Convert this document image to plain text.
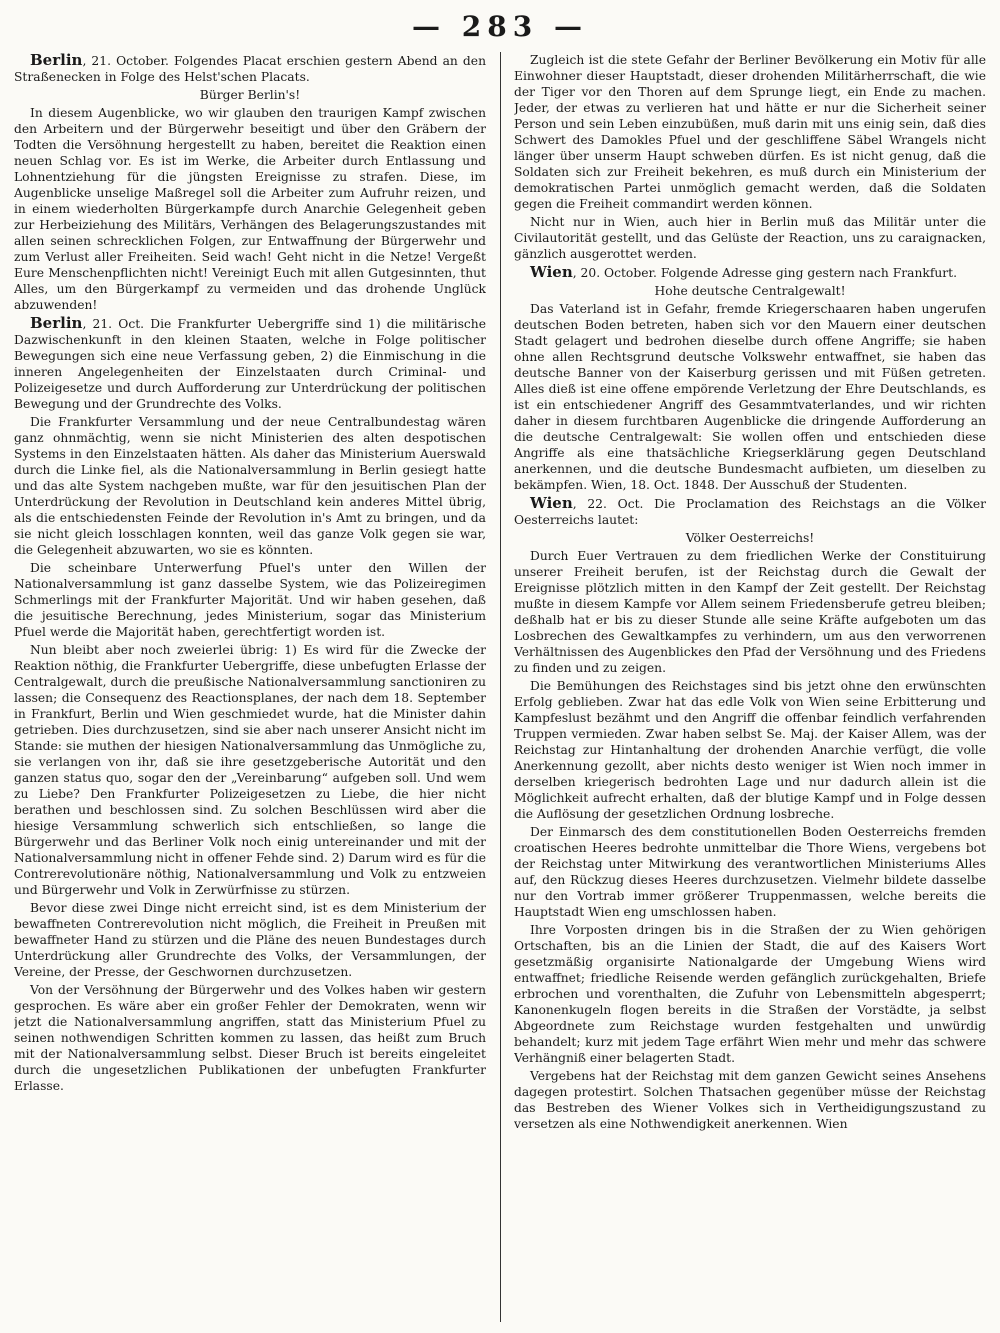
— 283 —

Berlin, 21. October. Folgendes Placat erschien gestern Abend an den Straßenecken in Folge des Helst'schen Placats.

Bürger Berlin's!

In diesem Augenblicke, wo wir glauben den traurigen Kampf zwischen den Arbeitern und der Bürgerwehr beseitigt und über den Gräbern der Todten die Versöhnung hergestellt zu haben, bereitet die Reaktion einen neuen Schlag vor. Es ist im Werke, die Arbeiter durch Entlassung und Lohnentziehung für die jüngsten Ereignisse zu strafen. Diese, im Augenblicke unselige Maßregel soll die Arbeiter zum Aufruhr reizen, und in einem wiederholten Bürgerkampfe durch Anarchie Gelegenheit geben zur Herbeiziehung des Militärs, Verhängen des Belagerungszustandes mit allen seinen schrecklichen Folgen, zur Entwaffnung der Bürgerwehr und zum Verlust aller Freiheiten. Seid wach! Geht nicht in die Netze! Vergeßt Eure Menschenpflichten nicht! Vereinigt Euch mit allen Gutgesinnten, thut Alles, um den Bürgerkampf zu vermeiden und das drohende Unglück abzuwenden!

Berlin, 21. Oct. Die Frankfurter Uebergriffe sind 1) die militärische Dazwischenkunft in den kleinen Staaten, welche in Folge politischer Bewegungen sich eine neue Verfassung geben, 2) die Einmischung in die inneren Angelegenheiten der Einzelstaaten durch Criminal- und Polizeigesetze und durch Aufforderung zur Unterdrückung der politischen Bewegung und der Grundrechte des Volks.

Die Frankfurter Versammlung und der neue Centralbundestag wären ganz ohnmächtig, wenn sie nicht Ministerien des alten despotischen Systems in den Einzelstaaten hätten. Als daher das Ministerium Auerswald durch die Linke fiel, als die Nationalversammlung in Berlin gesiegt hatte und das alte System nachgeben mußte, war für den jesuitischen Plan der Unterdrückung der Revolution in Deutschland kein anderes Mittel übrig, als die entschiedensten Feinde der Revolution in's Amt zu bringen, und da sie nicht gleich losschlagen konnten, weil das ganze Volk gegen sie war, die Gelegenheit abzuwarten, wo sie es könnten.

Die scheinbare Unterwerfung Pfuel's unter den Willen der Nationalversammlung ist ganz dasselbe System, wie das Polizeiregimen Schmerlings mit der Frankfurter Majorität. Und wir haben gesehen, daß die jesuitische Berechnung, jedes Ministerium, sogar das Ministerium Pfuel werde die Majorität haben, gerechtfertigt worden ist.

Nun bleibt aber noch zweierlei übrig: 1) Es wird für die Zwecke der Reaktion nöthig, die Frankfurter Uebergriffe, diese unbefugten Erlasse der Centralgewalt, durch die preußische Nationalversammlung sanctioniren zu lassen; die Consequenz des Reactionsplanes, der nach dem 18. September in Frankfurt, Berlin und Wien geschmiedet wurde, hat die Minister dahin getrieben. Dies durchzusetzen, sind sie aber nach unserer Ansicht nicht im Stande: sie muthen der hiesigen Nationalversammlung das Unmögliche zu, sie verlangen von ihr, daß sie ihre gesetzgeberische Autorität und den ganzen status quo, sogar den der „Vereinbarung“ aufgeben soll. Und wem zu Liebe? Den Frankfurter Polizeigesetzen zu Liebe, die hier nicht berathen und beschlossen sind. Zu solchen Beschlüssen wird aber die hiesige Versammlung schwerlich sich entschließen, so lange die Bürgerwehr und das Berliner Volk noch einig untereinander und mit der Nationalversammlung nicht in offener Fehde sind. 2) Darum wird es für die Contrerevolutionäre nöthig, Nationalversammlung und Volk zu entzweien und Bürgerwehr und Volk in Zerwürfnisse zu stürzen.

Bevor diese zwei Dinge nicht erreicht sind, ist es dem Ministerium der bewaffneten Contrerevolution nicht möglich, die Freiheit in Preußen mit bewaffneter Hand zu stürzen und die Pläne des neuen Bundestages durch Unterdrückung aller Grundrechte des Volks, der Versammlungen, der Vereine, der Presse, der Geschwornen durchzusetzen.

Von der Versöhnung der Bürgerwehr und des Volkes haben wir gestern gesprochen. Es wäre aber ein großer Fehler der Demokraten, wenn wir jetzt die Nationalversammlung angriffen, statt das Ministerium Pfuel zu seinen nothwendigen Schritten kommen zu lassen, das heißt zum Bruch mit der Nationalversammlung selbst. Dieser Bruch ist bereits eingeleitet durch die ungesetzlichen Publikationen der unbefugten Frankfurter Erlasse.

Zugleich ist die stete Gefahr der Berliner Bevölkerung ein Motiv für alle Einwohner dieser Hauptstadt, dieser drohenden Militärherrschaft, die wie der Tiger vor den Thoren auf dem Sprunge liegt, ein Ende zu machen. Jeder, der etwas zu verlieren hat und hätte er nur die Sicherheit seiner Person und sein Leben einzubüßen, muß darin mit uns einig sein, daß dies Schwert des Damokles Pfuel und der geschliffene Säbel Wrangels nicht länger über unserm Haupt schweben dürfen. Es ist nicht genug, daß die Soldaten sich zur Freiheit bekehren, es muß durch ein Ministerium der demokratischen Partei unmöglich gemacht werden, daß die Soldaten gegen die Freiheit commandirt werden können.

Nicht nur in Wien, auch hier in Berlin muß das Militär unter die Civilautorität gestellt, und das Gelüste der Reaction, uns zu caraignacken, gänzlich ausgerottet werden.

Wien, 20. October. Folgende Adresse ging gestern nach Frankfurt.

Hohe deutsche Centralgewalt!

Das Vaterland ist in Gefahr, fremde Kriegerschaaren haben ungerufen deutschen Boden betreten, haben sich vor den Mauern einer deutschen Stadt gelagert und bedrohen dieselbe durch offene Angriffe; sie haben ohne allen Rechtsgrund deutsche Volkswehr entwaffnet, sie haben das deutsche Banner von der Kaiserburg gerissen und mit Füßen getreten. Alles dieß ist eine offene empörende Verletzung der Ehre Deutschlands, es ist ein entschiedener Angriff des Gesammtvaterlandes, und wir richten daher in diesem furchtbaren Augenblicke die dringende Aufforderung an die deutsche Centralgewalt: Sie wollen offen und entschieden diese Angriffe als eine thatsächliche Kriegserklärung gegen Deutschland anerkennen, und die deutsche Bundesmacht aufbieten, um dieselben zu bekämpfen. Wien, 18. Oct. 1848. Der Ausschuß der Studenten.

Wien, 22. Oct. Die Proclamation des Reichstags an die Völker Oesterreichs lautet:

Völker Oesterreichs!

Durch Euer Vertrauen zu dem friedlichen Werke der Constituirung unserer Freiheit berufen, ist der Reichstag durch die Gewalt der Ereignisse plötzlich mitten in den Kampf der Zeit gestellt. Der Reichstag mußte in diesem Kampfe vor Allem seinem Friedensberufe getreu bleiben; deßhalb hat er bis zu dieser Stunde alle seine Kräfte aufgeboten um das Losbrechen des Gewaltkampfes zu verhindern, um aus den verworrenen Verhältnissen des Augenblickes den Pfad der Versöhnung und des Friedens zu finden und zu zeigen.

Die Bemühungen des Reichstages sind bis jetzt ohne den erwünschten Erfolg geblieben. Zwar hat das edle Volk von Wien seine Erbitterung und Kampfeslust bezähmt und den Angriff die offenbar feindlich verfahrenden Truppen vermieden. Zwar haben selbst Se. Maj. der Kaiser Allem, was der Reichstag zur Hintanhaltung der drohenden Anarchie verfügt, die volle Anerkennung gezollt, aber nichts desto weniger ist Wien noch immer in derselben kriegerisch bedrohten Lage und nur dadurch allein ist die Möglichkeit aufrecht erhalten, daß der blutige Kampf und in Folge dessen die Auflösung der gesetzlichen Ordnung losbreche.

Der Einmarsch des dem constitutionellen Boden Oesterreichs fremden croatischen Heeres bedrohte unmittelbar die Thore Wiens, vergebens bot der Reichstag unter Mitwirkung des verantwortlichen Ministeriums Alles auf, den Rückzug dieses Heeres durchzusetzen. Vielmehr bildete dasselbe nur den Vortrab immer größerer Truppenmassen, welche bereits die Hauptstadt Wien eng umschlossen haben.

Ihre Vorposten dringen bis in die Straßen der zu Wien gehörigen Ortschaften, bis an die Linien der Stadt, die auf des Kaisers Wort gesetzmäßig organisirte Nationalgarde der Umgebung Wiens wird entwaffnet; friedliche Reisende werden gefänglich zurückgehalten, Briefe erbrochen und vorenthalten, die Zufuhr von Lebensmitteln abgesperrt; Kanonenkugeln flogen bereits in die Straßen der Vorstädte, ja selbst Abgeordnete zum Reichstage wurden festgehalten und unwürdig behandelt; kurz mit jedem Tage erfährt Wien mehr und mehr das schwere Verhängniß einer belagerten Stadt.

Vergebens hat der Reichstag mit dem ganzen Gewicht seines Ansehens dagegen protestirt. Solchen Thatsachen gegenüber müsse der Reichstag das Bestreben des Wiener Volkes sich in Vertheidigungszustand zu versetzen als eine Nothwendigkeit anerkennen. Wien
